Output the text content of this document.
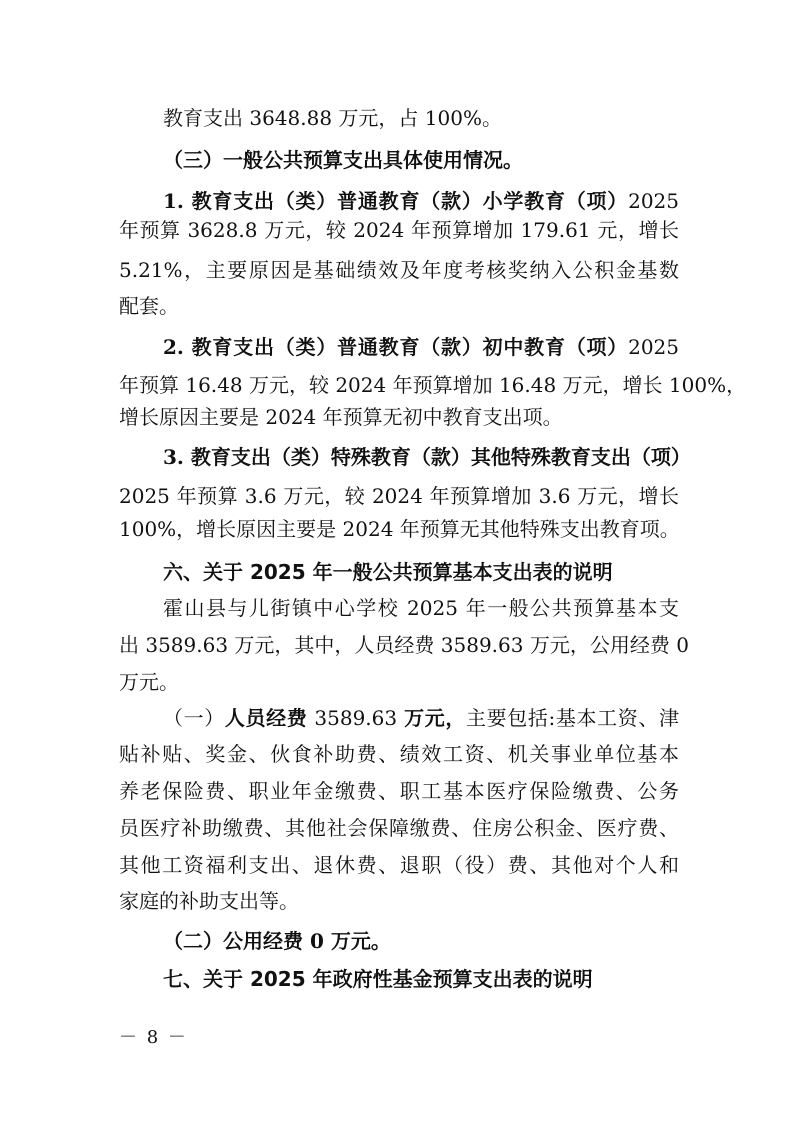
教育支出 3648.88 万元，占 100%。
（三）一般公共预算支出具体使用情况。
1. 教育支出（类）普通教育（款）小学教育（项）2025
年预算 3628.8 万元，较 2024 年预算增加 179.61 元，增长
5.21%，主要原因是基础绩效及年度考核奖纳入公积金基数
配套。
2. 教育支出（类）普通教育（款）初中教育（项）2025
年预算 16.48 万元，较 2024 年预算增加 16.48 万元，增长 100%，
增长原因主要是 2024 年预算无初中教育支出项。
3. 教育支出（类）特殊教育（款）其他特殊教育支出（项）
2025 年预算 3.6 万元，较 2024 年预算增加 3.6 万元，增长
100%，增长原因主要是 2024 年预算无其他特殊支出教育项。
六、关于 2025 年一般公共预算基本支出表的说明
霍山县与儿街镇中心学校 2025 年一般公共预算基本支
出 3589.63 万元，其中，人员经费 3589.63 万元，公用经费 0
万元。
（一）人员经费 3589.63 万元，主要包括:基本工资、津
贴补贴、奖金、伙食补助费、绩效工资、机关事业单位基本
养老保险费、职业年金缴费、职工基本医疗保险缴费、公务
员医疗补助缴费、其他社会保障缴费、住房公积金、医疗费、
其他工资福利支出、退休费、退职（役）费、其他对个人和
家庭的补助支出等。
（二）公用经费 0 万元。
七、关于 2025 年政府性基金预算支出表的说明
－ 8 －
